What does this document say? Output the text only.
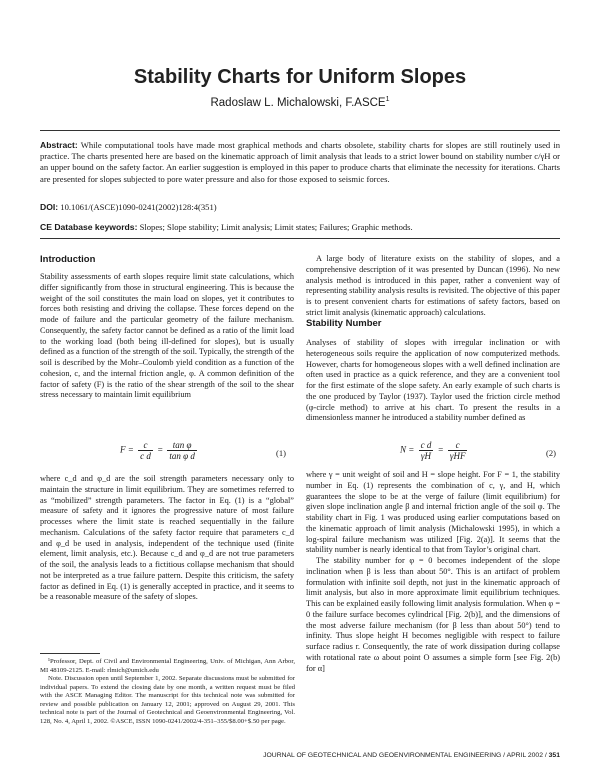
Stability Charts for Uniform Slopes
Radoslaw L. Michalowski, F.ASCE$^1$
Abstract: While computational tools have made most graphical methods and charts obsolete, stability charts for slopes are still routinely used in practice. The charts presented here are based on the kinematic approach of limit analysis that leads to a strict lower bound on stability number c/γH or an upper bound on the safety factor. An earlier suggestion is employed in this paper to produce charts that eliminate the necessity for iterations. Charts are presented for slopes subjected to pore water pressure and also for those exposed to seismic forces.
DOI: 10.1061/(ASCE)1090-0241(2002)128:4(351)
CE Database keywords: Slopes; Slope stability; Limit analysis; Limit states; Failures; Graphic methods.
Introduction

Stability assessments of earth slopes require limit state calculations, which differ significantly from those in structural engineering. This is because the weight of the soil constitutes the main load on slopes, yet it contributes to forces both resisting and driving the collapse. These forces depend on the mode of failure and the particular geometry of the failure mechanism. Consequently, the safety factor cannot be defined as a ratio of the limit load to the working load (both being ill-defined for slopes), but is usually defined as a function of the strength of the soil. Typically, the strength of the soil is described by the Mohr–Coulomb yield condition as a function of the cohesion, c, and the internal friction angle, φ. A common definition of the factor of safety (F) is the ratio of the shear strength of the soil to the shear stress necessary to maintain limit equilibrium

$F = \frac{c}{\text{c d}} = \frac{\text{tan φ}}{\text{tan φ d}}$	(1)

where c_d and φ_d are the soil strength parameters necessary only to maintain the structure in limit equilibrium. They are sometimes referred to as “mobilized” strength parameters. The factor in Eq. (1) is a “global” measure of safety and it ignores the progressive nature of most failure processes where the limit state is reached sequentially in the failure mechanism. Calculations of the safety factor require that parameters c_d and φ_d be used in analysis, independent of the technique used (finite element, limit analysis, etc.). Because c_d and φ_d are not true parameters of the soil, the analysis leads to a fictitious collapse mechanism that should not be interpreted as a true failure pattern. Despite this criticism, the safety factor as defined in Eq. (1) is generally accepted in practice, and it seems to be a reasonable measure of the safety of slopes.

¹Professor, Dept. of Civil and Environmental Engineering, Univ. of Michigan, Ann Arbor, MI 48109-2125. E-mail: rlmich@umich.edu

Note. Discussion open until September 1, 2002. Separate discussions must be submitted for individual papers. To extend the closing date by one month, a written request must be filed with the ASCE Managing Editor. The manuscript for this technical note was submitted for review and possible publication on January 12, 2001; approved on August 29, 2001. This technical note is part of the Journal of Geotechnical and Geoenvironmental Engineering, Vol. 128, No. 4, April 1, 2002. ©ASCE, ISSN 1090-0241/2002/4-351–355/$8.00+$.50 per page.

A large body of literature exists on the stability of slopes, and a comprehensive description of it was presented by Duncan (1996). No new analysis method is introduced in this paper, rather a convenient way of representing stability analysis results is revisited. The objective of this paper is to present convenient charts for estimations of safety factors, based on strict limit analysis (kinematic approach) calculations.

Stability Number

Analyses of stability of slopes with irregular inclination or with heterogeneous soils require the application of now computerized methods. However, charts for homogeneous slopes with a well defined inclination are often used in practice as a quick reference, and they are a convenient tool for the first estimate of the slope safety. An early example of such charts is the one produced by Taylor (1937). Taylor used the friction circle method (φ-circle method) to arrive at his chart. To present the results in a dimensionless manner he introduced a stability number defined as

$N = \frac{\text{c d}}{\gamma H} = \frac{c}{\text{γHF}}$	(2)

where γ = unit weight of soil and H = slope height. For F = 1, the stability number in Eq. (1) represents the combination of c, γ, and H, which guarantees the slope to be at the verge of failure (limit equilibrium) for given slope inclination angle β and internal friction angle of the soil φ. The stability chart in Fig. 1 was produced using earlier computations based on the kinematic approach of limit analysis (Michalowski 1995), in which a log-spiral failure mechanism was utilized [Fig. 2(a)]. It seems that the stability number is nearly identical to that from Taylor’s original chart.

The stability number for φ = 0 becomes independent of the slope inclination when β is less than about 50°. This is an artifact of problem formulation with infinite soil depth, not just in the kinematic approach of limit analysis, but also in more approximate limit equilibrium techniques. This can be explained easily following limit analysis formulation. When φ = 0 the failure surface becomes cylindrical [Fig. 2(b)], and the dimensions of the most adverse failure mechanism (for β less than about 50°) tend to infinity. Thus slope height H becomes negligible with respect to failure surface radius r. Consequently, the rate of work dissipation during collapse with rotational rate ω about point O assumes a simple form [see Fig. 2(b) for α]

JOURNAL OF GEOTECHNICAL AND GEOENVIRONMENTAL ENGINEERING / APRIL 2002 / 351
